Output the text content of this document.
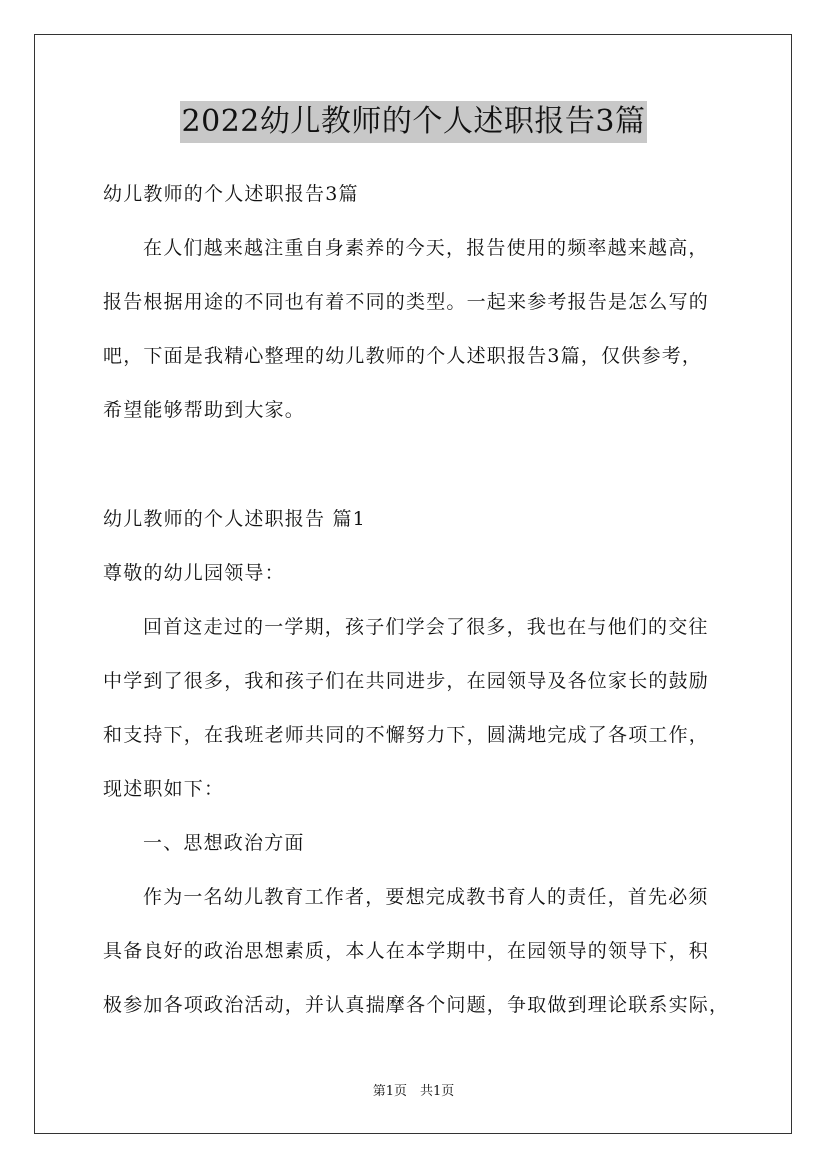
2022幼儿教师的个人述职报告3篇
幼儿教师的个人述职报告3篇
在人们越来越注重自身素养的今天，报告使用的频率越来越高，
报告根据用途的不同也有着不同的类型。一起来参考报告是怎么写的
吧，下面是我精心整理的幼儿教师的个人述职报告3篇，仅供参考，
希望能够帮助到大家。
幼儿教师的个人述职报告 篇1
尊敬的幼儿园领导：
回首这走过的一学期，孩子们学会了很多，我也在与他们的交往
中学到了很多，我和孩子们在共同进步，在园领导及各位家长的鼓励
和支持下，在我班老师共同的不懈努力下，圆满地完成了各项工作，
现述职如下：
一、思想政治方面
作为一名幼儿教育工作者，要想完成教书育人的责任，首先必须
具备良好的政治思想素质，本人在本学期中，在园领导的领导下，积
极参加各项政治活动，并认真揣摩各个问题，争取做到理论联系实际，
第1页　共1页
